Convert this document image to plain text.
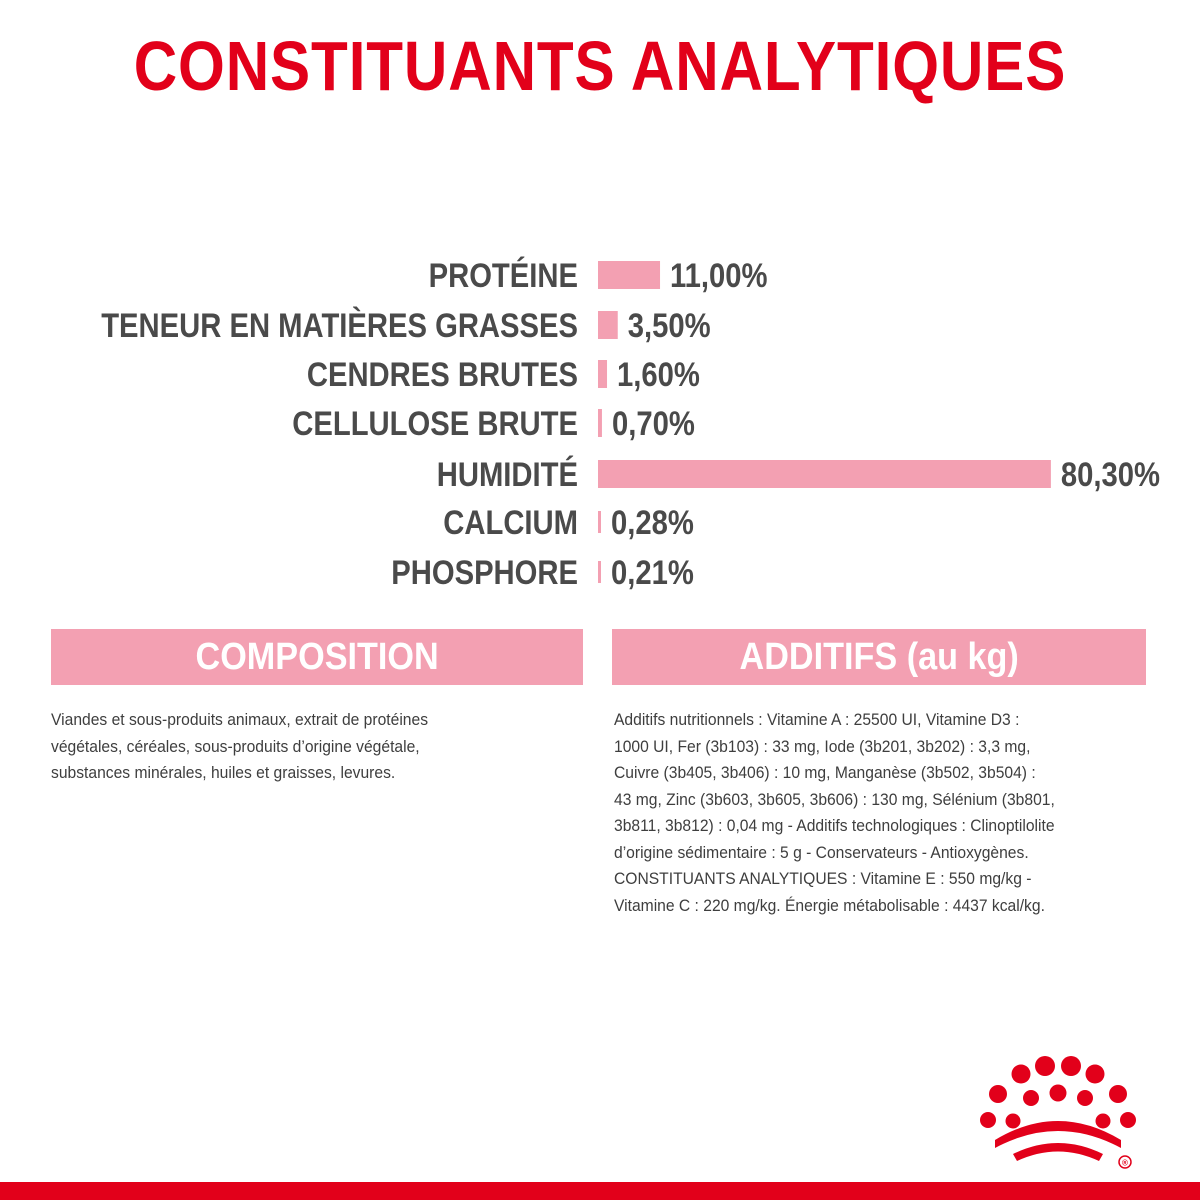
CONSTITUANTS ANALYTIQUES
PROTÉINE	11,00%
TENEUR EN MATIÈRES GRASSES 3,50%
CENDRES BRUTES 1,60%
CELLULOSE BRUTE 0,70%
HUMIDITÉ	80,30%
CALCIUM 0,28%
PHOSPHORE 0,21%
COMPOSITION	ADDITIFS (au kg)

Viandes et sous-produits animaux, extrait de protéines
végétales, céréales, sous-produits d’origine végétale,
substances minérales, huiles et graisses, levures.

Additifs nutritionnels : Vitamine A : 25500 UI, Vitamine D3 :
1000 UI, Fer (3b103) : 33 mg, Iode (3b201, 3b202) : 3,3 mg,
Cuivre (3b405, 3b406) : 10 mg, Manganèse (3b502, 3b504) :
43 mg, Zinc (3b603, 3b605, 3b606) : 130 mg, Sélénium (3b801,
3b811, 3b812) : 0,04 mg - Additifs technologiques : Clinoptilolite
d’origine sédimentaire : 5 g - Conservateurs - Antioxygènes.
CONSTITUANTS ANALYTIQUES : Vitamine E : 550 mg/kg -
Vitamine C : 220 mg/kg. Énergie métabolisable : 4437 kcal/kg.

®
